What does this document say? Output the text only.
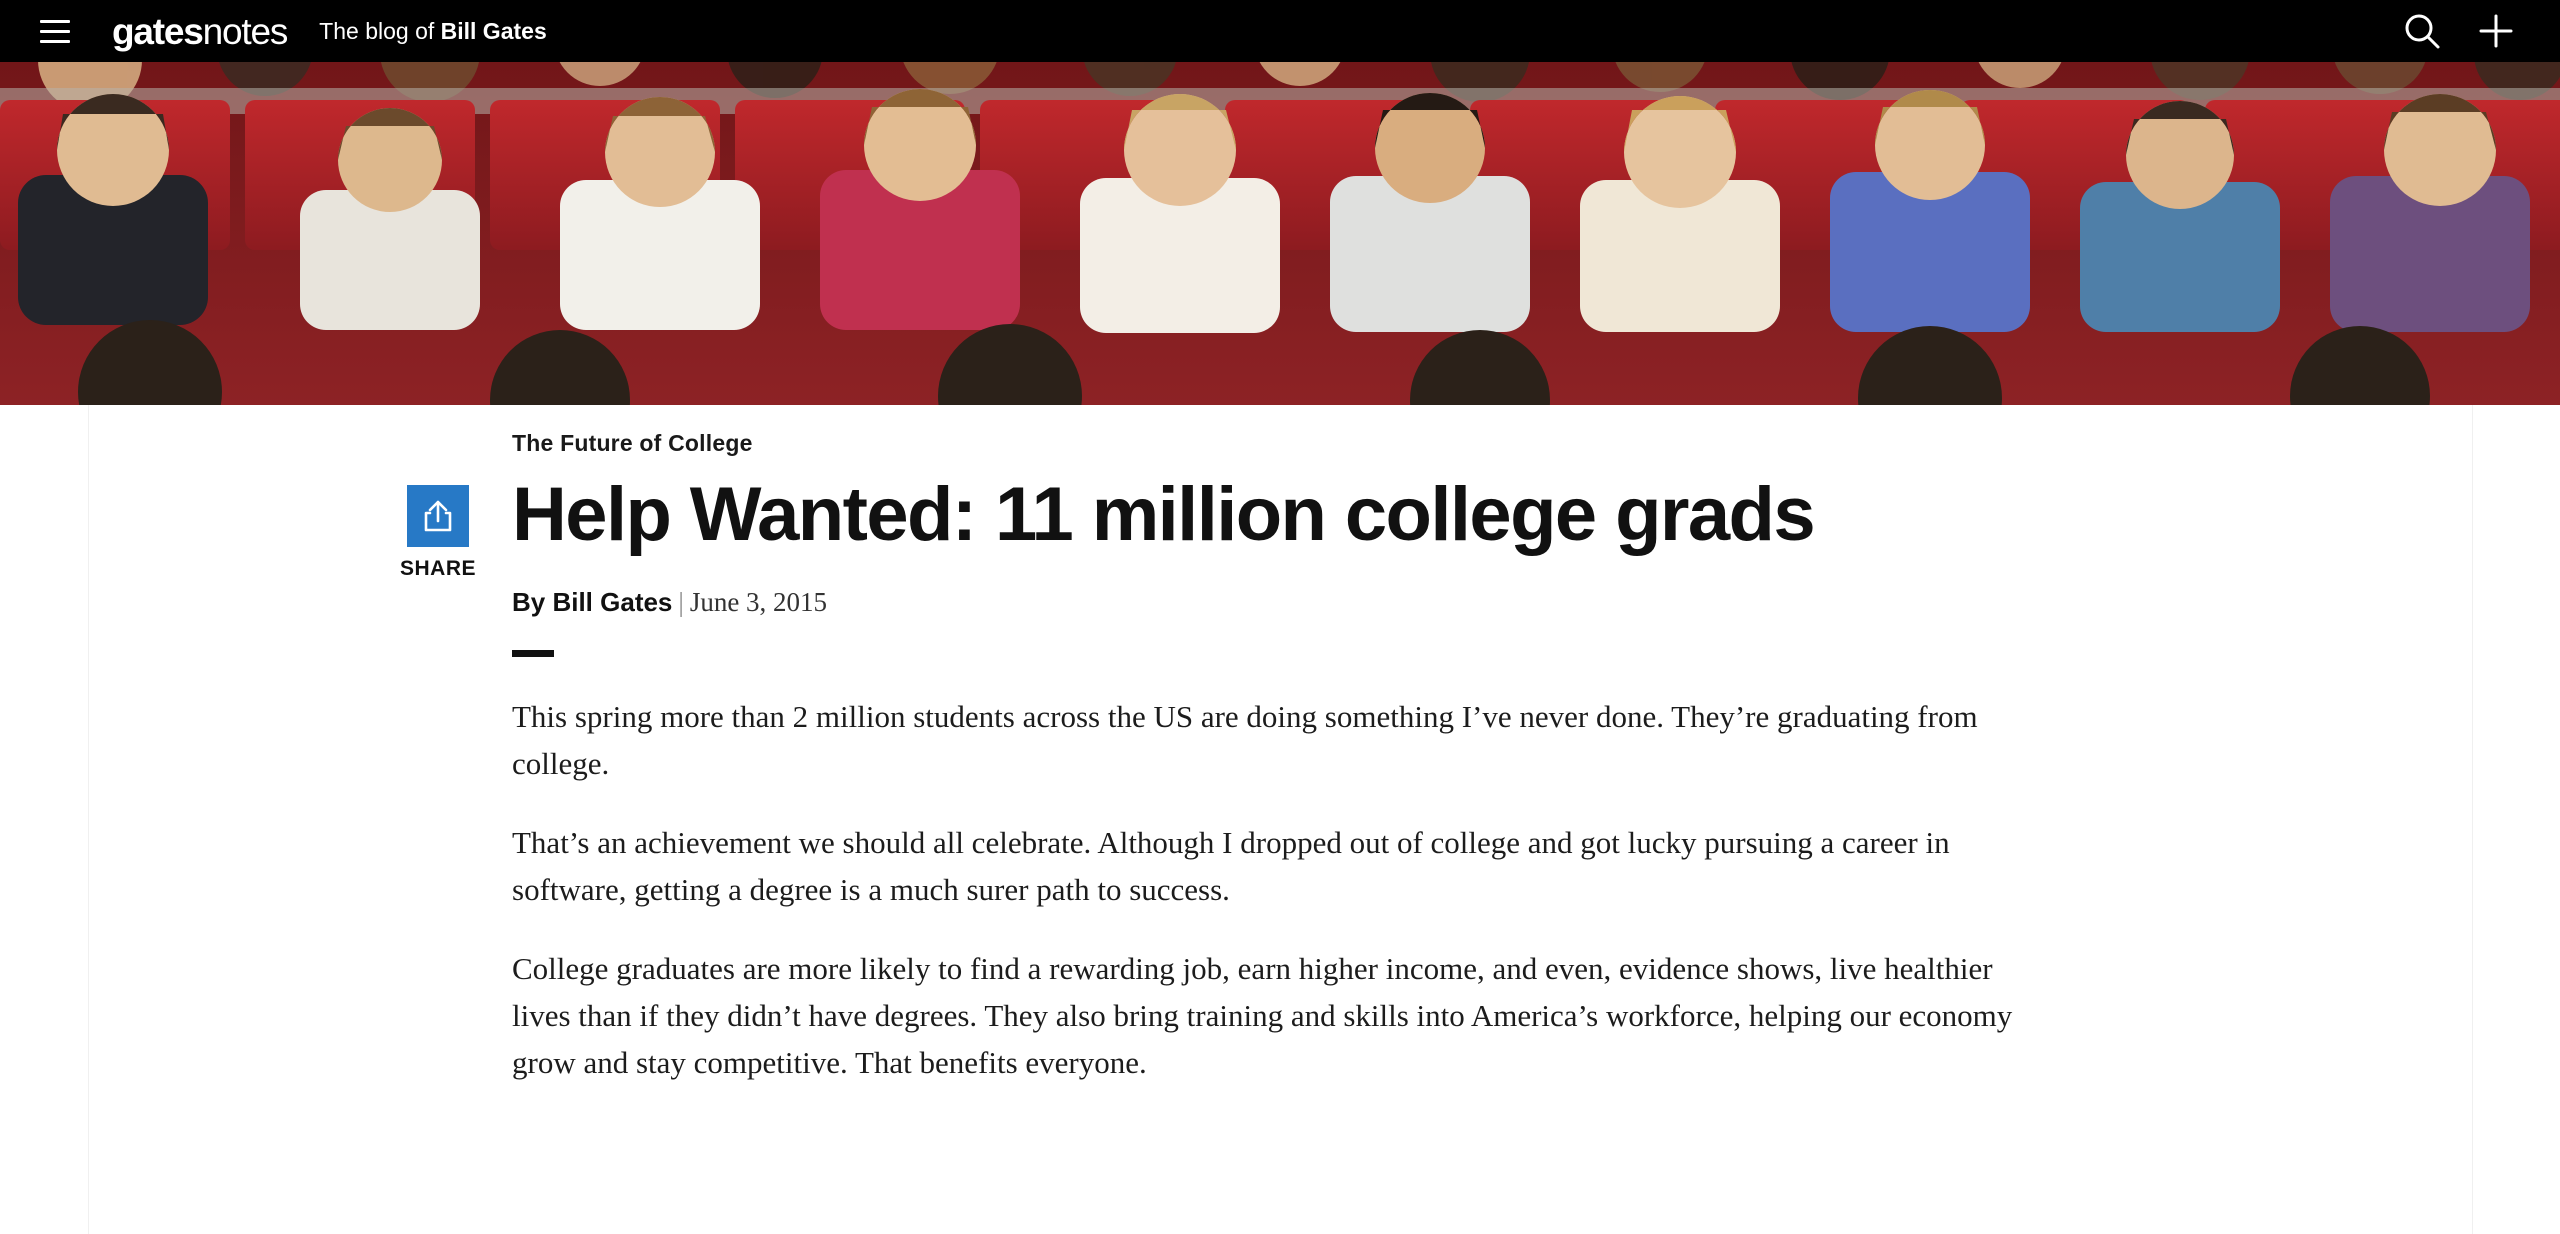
gatesnotes The blog of Bill Gates
SHARE
The Future of College
Help Wanted: 11 million college grads
By Bill Gates | June 3, 2015

This spring more than 2 million students across the US are doing something I’ve never done. They’re graduating from college.

That’s an achievement we should all celebrate. Although I dropped out of college and got lucky pursuing a career in software, getting a degree is a much surer path to success.

College graduates are more likely to find a rewarding job, earn higher income, and even, evidence shows, live healthier lives than if they didn’t have degrees. They also bring training and skills into America’s workforce, helping our economy grow and stay competitive. That benefits everyone.
